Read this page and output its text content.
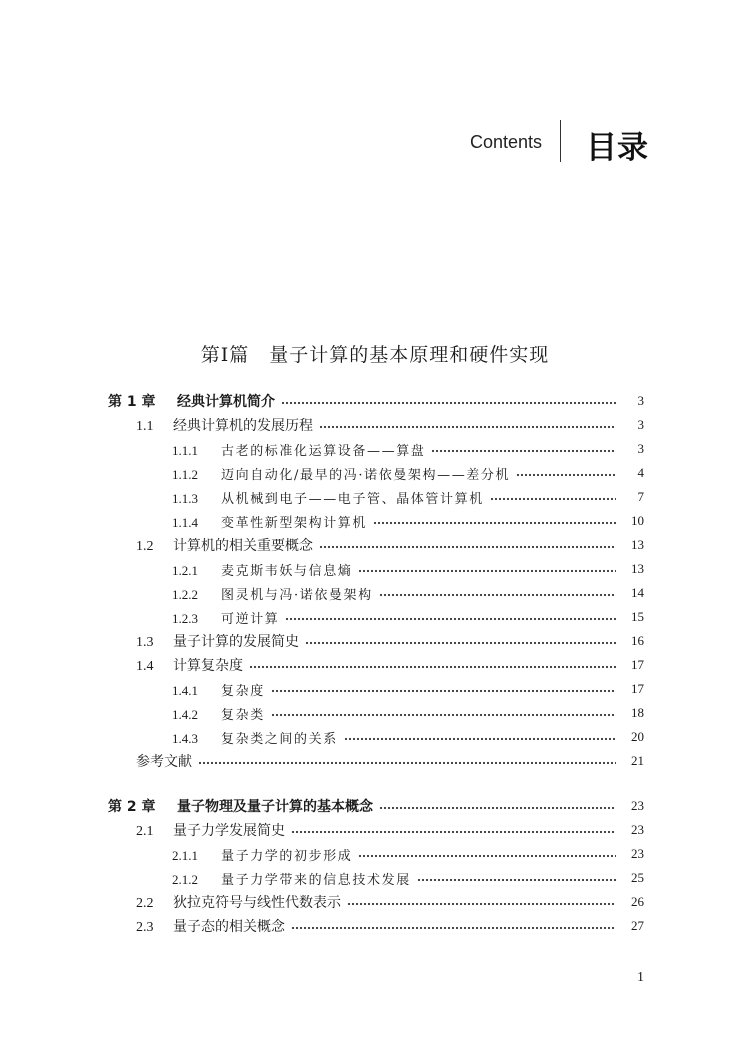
Contents 目录
第Ⅰ篇　量子计算的基本原理和硬件实现
第 1 章	经典计算机简介	3
1.1	经典计算机的发展历程	3
1.1.1	古老的标准化运算设备——算盘	3
1.1.2	迈向自动化/最早的冯·诺依曼架构——差分机	4
1.1.3	从机械到电子——电子管、晶体管计算机	7
1.1.4	变革性新型架构计算机	10
1.2	计算机的相关重要概念	13
1.2.1	麦克斯韦妖与信息熵	13
1.2.2	图灵机与冯·诺依曼架构	14
1.2.3	可逆计算	15
1.3	量子计算的发展简史	16
1.4	计算复杂度	17
1.4.1	复杂度	17
1.4.2	复杂类	18
1.4.3	复杂类之间的关系	20
参考文献	21
第 2 章	量子物理及量子计算的基本概念	23
2.1	量子力学发展简史	23
2.1.1	量子力学的初步形成	23
2.1.2	量子力学带来的信息技术发展	25
2.2	狄拉克符号与线性代数表示	26
2.3	量子态的相关概念	27
1
